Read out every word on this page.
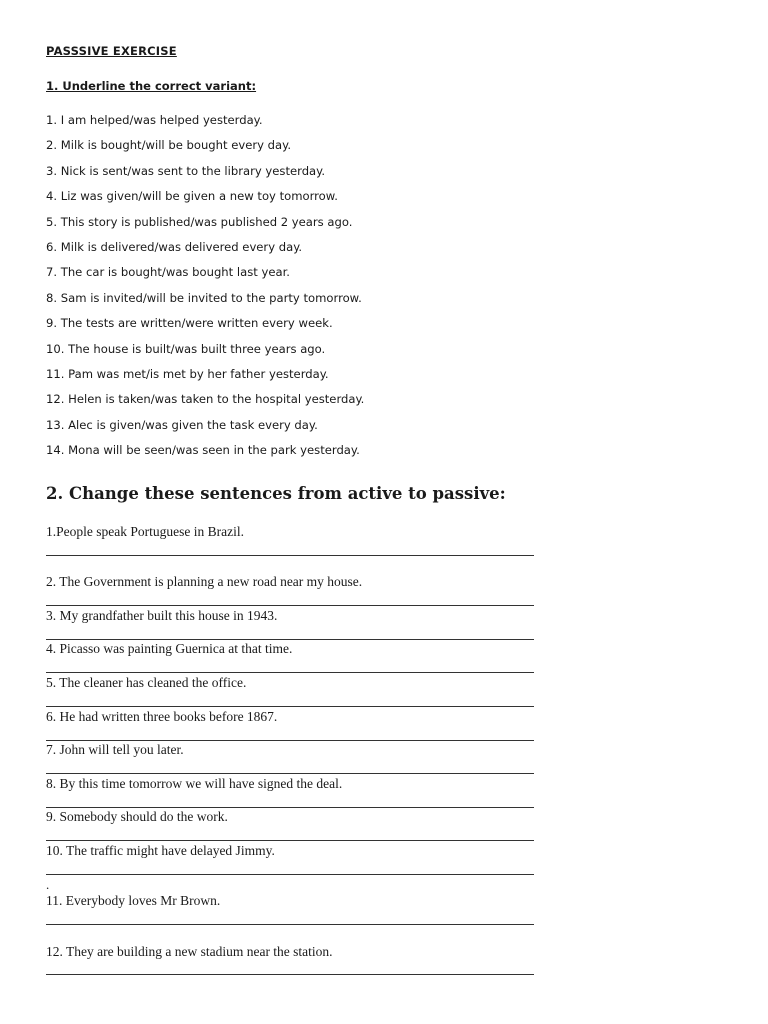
PASSSIVE EXERCISE
1. Underline the correct variant:
1. I am helped/was helped yesterday.
2. Milk is bought/will be bought every day.
3. Nick is sent/was sent to the library yesterday.
4. Liz was given/will be given a new toy tomorrow.
5. This story is published/was published 2 years ago.
6. Milk is delivered/was delivered every day.
7. The car is bought/was bought last year.
8. Sam is invited/will be invited to the party tomorrow.
9. The tests are written/were written every week.
10. The house is built/was built three years ago.
11. Pam was met/is met by her father yesterday.
12. Helen is taken/was taken to the hospital yesterday.
13. Alec is given/was given the task every day.
14. Mona will be seen/was seen in the park yesterday.
2. Change these sentences from active to passive:
1.People speak Portuguese in Brazil.
2. The Government is planning a new road near my house.
3. My grandfather built this house in 1943.
4. Picasso was painting Guernica at that time.
5. The cleaner has cleaned the office.
6. He had written three books before 1867.
7. John will tell you later.
8. By this time tomorrow we will have signed the deal.
9. Somebody should do the work.
10. The traffic might have delayed Jimmy.
.
11. Everybody loves Mr Brown.
12. They are building a new stadium near the station.
